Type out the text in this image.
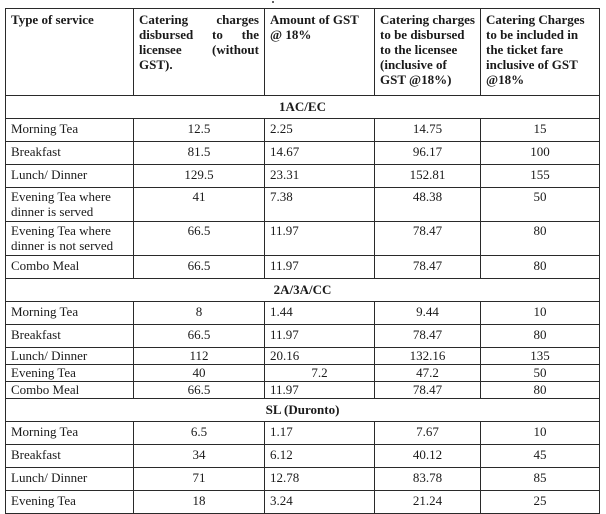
Type of service	Catering charges disbursed to the licensee (without GST).	Amount of GST @ 18%	Catering charges to be disbursed to the licensee (inclusive of GST @18%)	Catering Charges to be included in the ticket fare inclusive of GST @18%
1AC/EC				
Morning Tea	12.5	2.25	14.75	15
Breakfast	81.5	14.67	96.17	100
Lunch/ Dinner	129.5	23.31	152.81	155
Evening Tea where dinner is served	41	7.38	48.38	50
Evening Tea where dinner is not served	66.5	11.97	78.47	80
Combo Meal	66.5	11.97	78.47	80
2A/3A/CC				
Morning Tea	8	1.44	9.44	10
Breakfast	66.5	11.97	78.47	80
Lunch/ Dinner	112	20.16	132.16	135
Evening Tea	40	7.2	47.2	50
Combo Meal	66.5	11.97	78.47	80
SL (Duronto)				
Morning Tea	6.5	1.17	7.67	10
Breakfast	34	6.12	40.12	45
Lunch/ Dinner	71	12.78	83.78	85
Evening Tea	18	3.24	21.24	25
